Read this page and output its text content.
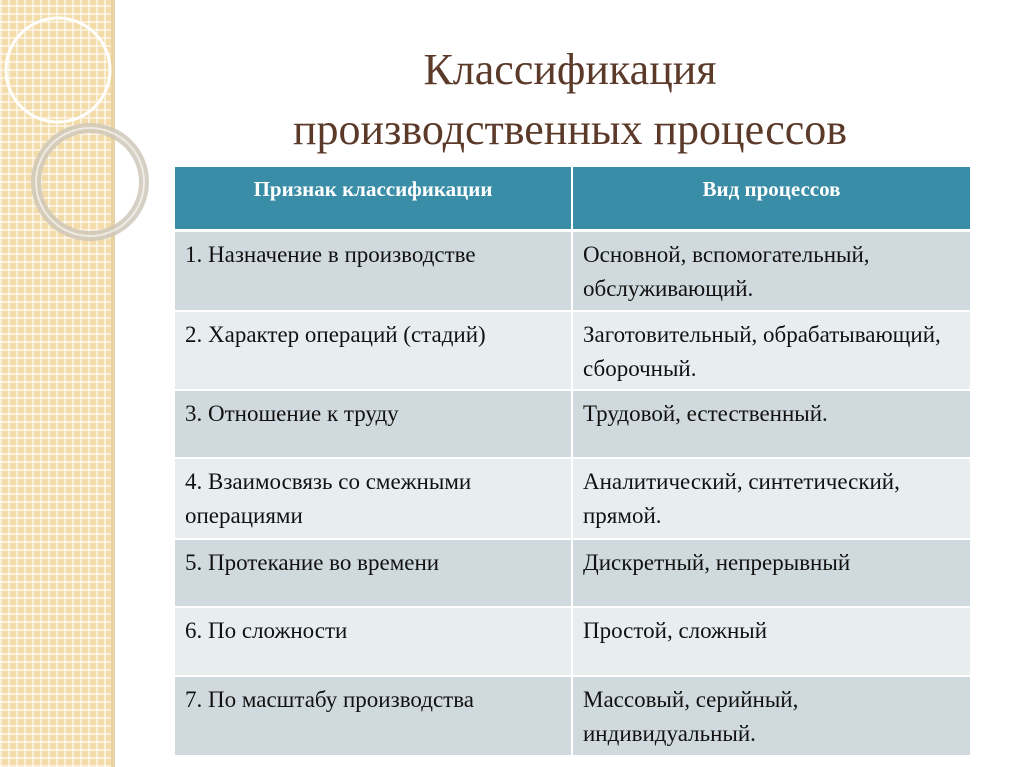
Классификация
производственных процессов
Признак классификации	Вид процессов
1. Назначение в производстве	Основной, вспомогательный, обслуживающий.
2. Характер операций (стадий)	Заготовительный, обрабатывающий, сборочный.
3. Отношение к труду	Трудовой, естественный.
4. Взаимосвязь со смежными операциями	Аналитический, синтетический, прямой.
5. Протекание во времени	Дискретный, непрерывный
6. По сложности	Простой, сложный
7. По масштабу производства	Массовый, серийный, индивидуальный.
